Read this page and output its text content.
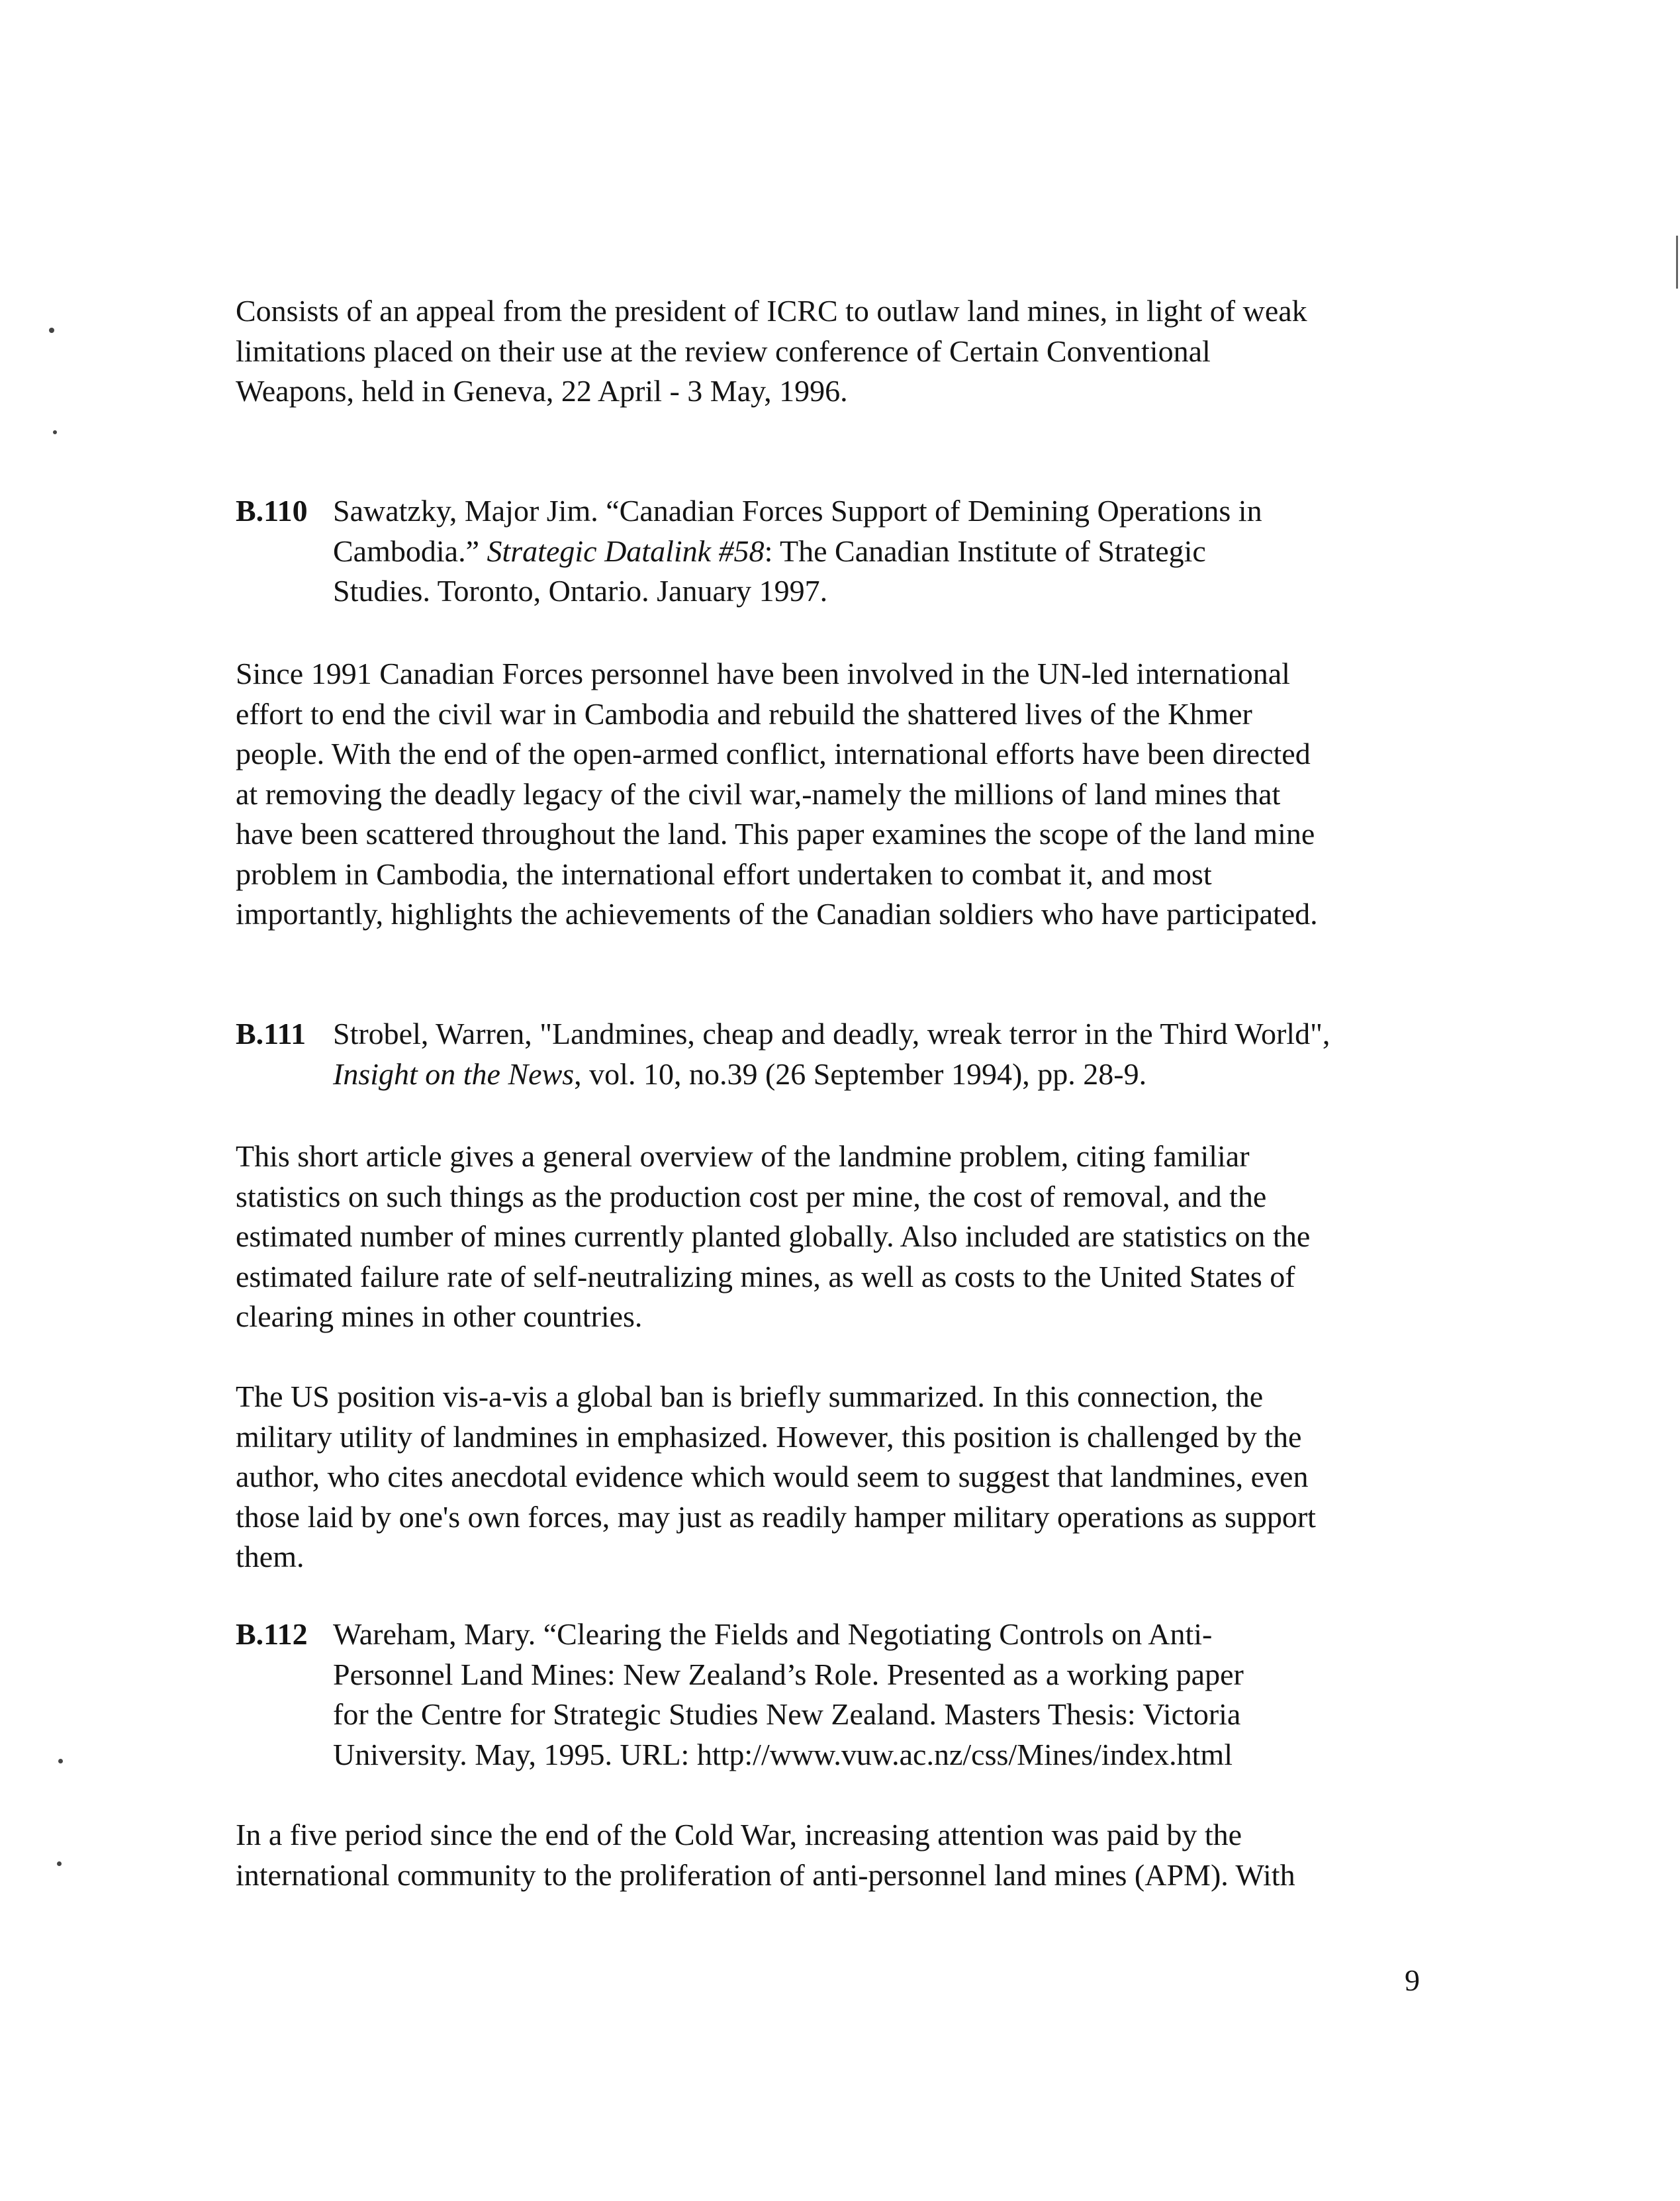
Consists of an appeal from the president of ICRC to outlaw land mines, in light of weak
limitations placed on their use at the review conference of Certain Conventional
Weapons, held in Geneva, 22 April - 3 May, 1996.
B.110 Sawatzky, Major Jim. “Canadian Forces Support of Demining Operations in
Cambodia.” Strategic Datalink #58: The Canadian Institute of Strategic
Studies. Toronto, Ontario. January 1997.
Since 1991 Canadian Forces personnel have been involved in the UN-led international
effort to end the civil war in Cambodia and rebuild the shattered lives of the Khmer
people. With the end of the open-armed conflict, international efforts have been directed
at removing the deadly legacy of the civil war,-namely the millions of land mines that
have been scattered throughout the land. This paper examines the scope of the land mine
problem in Cambodia, the international effort undertaken to combat it, and most
importantly, highlights the achievements of the Canadian soldiers who have participated.
B.111 Strobel, Warren, "Landmines, cheap and deadly, wreak terror in the Third World",
Insight on the News, vol. 10, no.39 (26 September 1994), pp. 28-9.
This short article gives a general overview of the landmine problem, citing familiar
statistics on such things as the production cost per mine, the cost of removal, and the
estimated number of mines currently planted globally. Also included are statistics on the
estimated failure rate of self-neutralizing mines, as well as costs to the United States of
clearing mines in other countries.
The US position vis-a-vis a global ban is briefly summarized. In this connection, the
military utility of landmines in emphasized. However, this position is challenged by the
author, who cites anecdotal evidence which would seem to suggest that landmines, even
those laid by one's own forces, may just as readily hamper military operations as support
them.
B.112 Wareham, Mary. “Clearing the Fields and Negotiating Controls on Anti-
Personnel Land Mines: New Zealand’s Role. Presented as a working paper
for the Centre for Strategic Studies New Zealand. Masters Thesis: Victoria
University. May, 1995. URL: http://www.vuw.ac.nz/css/Mines/index.html
In a five period since the end of the Cold War, increasing attention was paid by the
international community to the proliferation of anti-personnel land mines (APM). With
9
